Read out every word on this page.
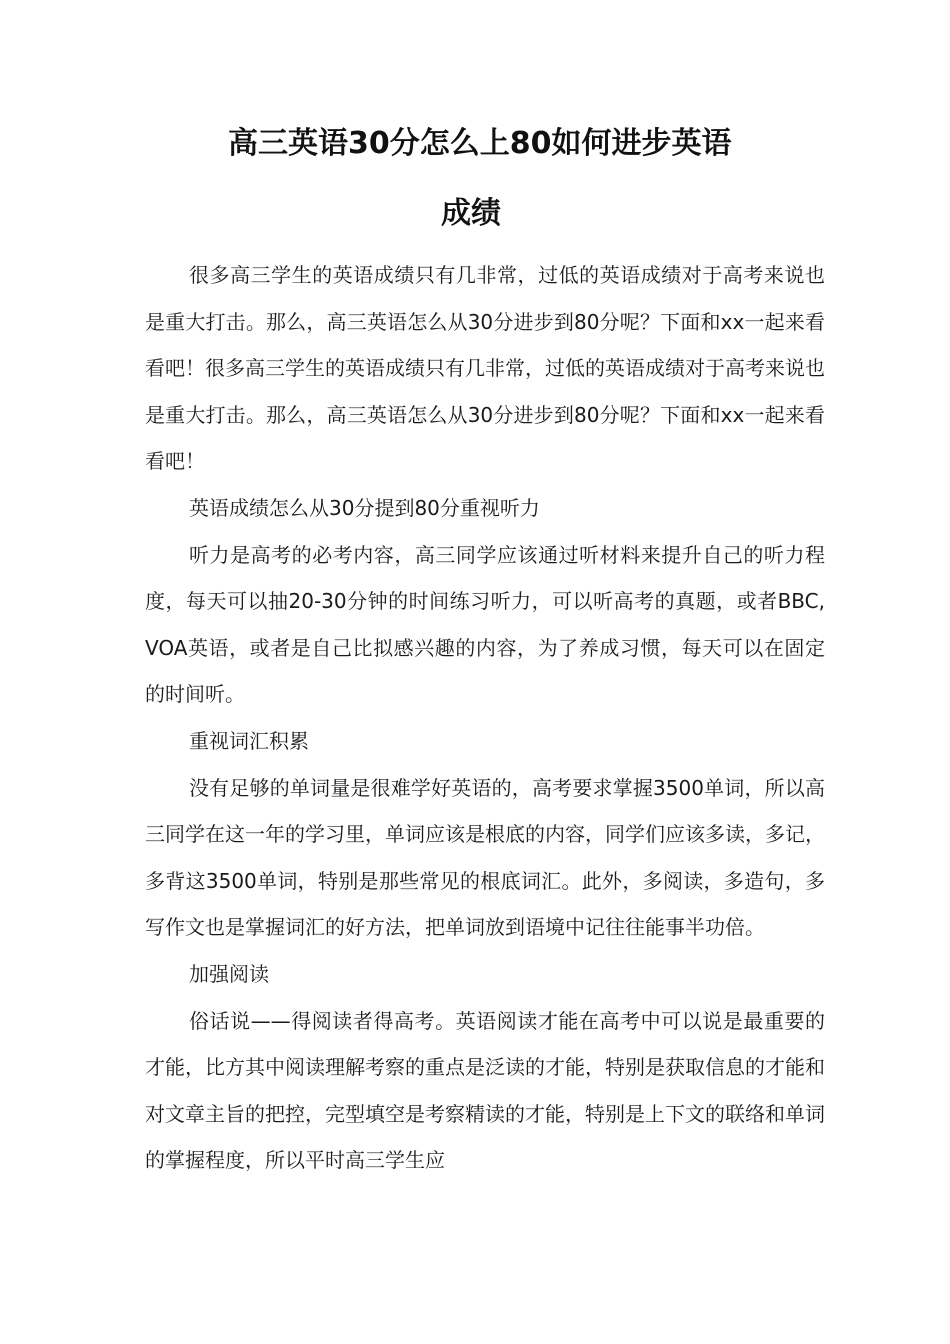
高三英语30分怎么上80如何进步英语
成绩

很多高三学生的英语成绩只有几非常，过低的英语成绩对于高考来说也是重大打击。那么，高三英语怎么从30分进步到80分呢？下面和xx一起来看看吧！很多高三学生的英语成绩只有几非常，过低的英语成绩对于高考来说也是重大打击。那么，高三英语怎么从30分进步到80分呢？下面和xx一起来看看吧！

英语成绩怎么从30分提到80分重视听力

听力是高考的必考内容，高三同学应该通过听材料来提升自己的听力程度，每天可以抽20-30分钟的时间练习听力，可以听高考的真题，或者BBC, VOA英语，或者是自己比拟感兴趣的内容，为了养成习惯，每天可以在固定的时间听。

重视词汇积累

没有足够的单词量是很难学好英语的，高考要求掌握3500单词，所以高三同学在这一年的学习里，单词应该是根底的内容，同学们应该多读，多记，多背这3500单词，特别是那些常见的根底词汇。此外，多阅读，多造句，多写作文也是掌握词汇的好方法，把单词放到语境中记往往能事半功倍。

加强阅读

俗话说——得阅读者得高考。英语阅读才能在高考中可以说是最重要的才能，比方其中阅读理解考察的重点是泛读的才能，特别是获取信息的才能和对文章主旨的把控，完型填空是考察精读的才能，特别是上下文的联络和单词的掌握程度，所以平时高三学生应
